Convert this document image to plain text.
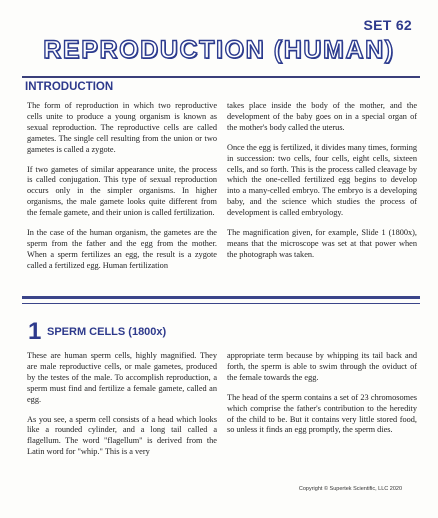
SET 62
REPRODUCTION (HUMAN)
INTRODUCTION

The form of reproduction in which two reproductive cells unite to produce a young organism is known as sexual reproduction. The reproductive cells are called gametes. The single cell resulting from the union or two gametes is called a zygote.

If two gametes of similar appearance unite, the process is called conjugation. This type of sexual reproduction occurs only in the simpler organisms. In higher organisms, the male gamete looks quite different from the female gamete, and their union is called fertilization.

In the case of the human organism, the gametes are the sperm from the father and the egg from the mother. When a sperm fertilizes an egg, the result is a zygote called a fertilized egg. Human fertilization

takes place inside the body of the mother, and the development of the baby goes on in a special organ of the mother's body called the uterus.

Once the egg is fertilized, it divides many times, forming in succession: two cells, four cells, eight cells, sixteen cells, and so forth. This is the process called cleavage by which the one-celled fertilized egg begins to develop into a many-celled embryo. The embryo is a developing baby, and the science which studies the process of development is called embryology.

The magnification given, for example, Slide 1 (1800x), means that the microscope was set at that power when the photograph was taken.

1 SPERM CELLS (1800x)

These are human sperm cells, highly magnified. They are male reproductive cells, or male gametes, produced by the testes of the male. To accomplish reproduction, a sperm must find and fertilize a female gamete, called an egg.

As you see, a sperm cell consists of a head which looks like a rounded cylinder, and a long tail called a flagellum. The word "flagellum" is derived from the Latin word for "whip." This is a very

appropriate term because by whipping its tail back and forth, the sperm is able to swim through the oviduct of the female towards the egg.

The head of the sperm contains a set of 23 chromosomes which comprise the father's contribution to the heredity of the child to be. But it contains very little stored food, so unless it finds an egg promptly, the sperm dies.

Copyright © Supertek Scientific, LLC 2020
